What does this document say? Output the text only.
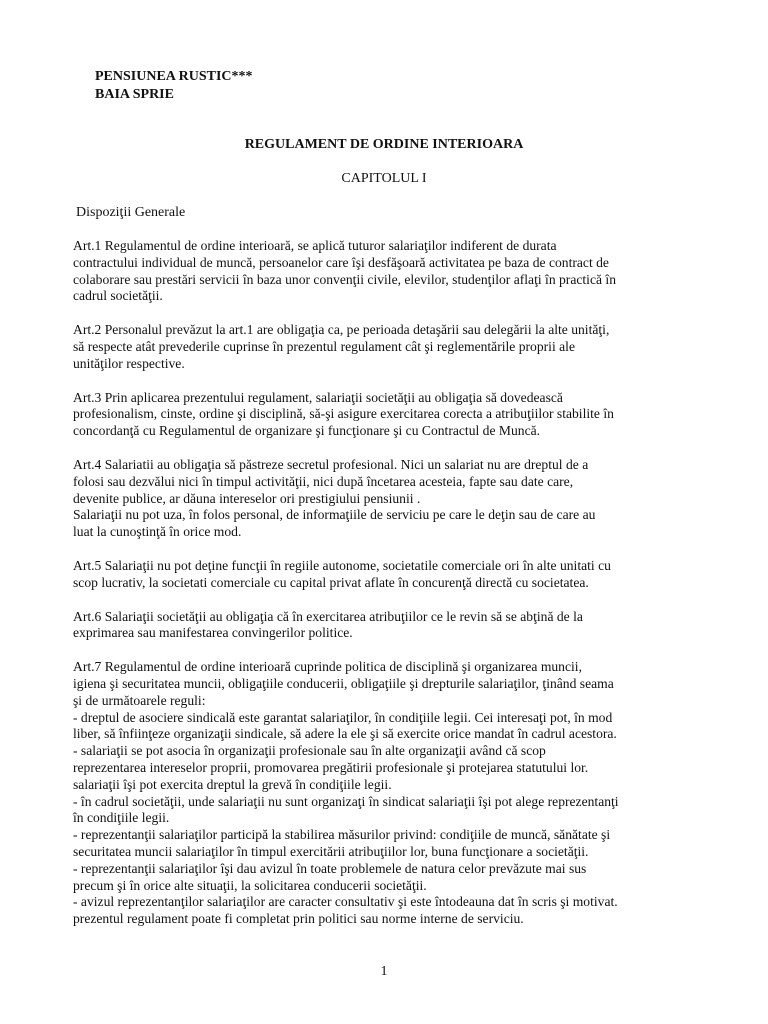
PENSIUNEA RUSTIC***
BAIA SPRIE
REGULAMENT DE ORDINE INTERIOARA
CAPITOLUL I
Dispoziţii Generale

Art.1 Regulamentul de ordine interioară, se aplică tuturor salariaţilor indiferent de durata
contractului individual de muncă, persoanelor care îşi desfăşoară activitatea pe baza de contract de
colaborare sau prestări servicii în baza unor convenţii civile, elevilor, studenţilor aflaţi în practică în
cadrul societăţii.

Art.2 Personalul prevăzut la art.1 are obligaţia ca, pe perioada detaşării sau delegării la alte unităţi,
să respecte atât prevederile cuprinse în prezentul regulament cât şi reglementările proprii ale
unităţilor respective.

Art.3 Prin aplicarea prezentului regulament, salariaţii societăţii au obligaţia să dovedească
profesionalism, cinste, ordine şi disciplină, să-şi asigure exercitarea corecta a atribuţiilor stabilite în
concordanţă cu Regulamentul de organizare şi funcţionare şi cu Contractul de Muncă.

Art.4 Salariatii au obligaţia să păstreze secretul profesional. Nici un salariat nu are dreptul de a
folosi sau dezvălui nici în timpul activităţii, nici după încetarea acesteia, fapte sau date care,
devenite publice, ar dăuna intereselor ori prestigiului pensiunii .
Salariaţii nu pot uza, în folos personal, de informaţiile de serviciu pe care le deţin sau de care au
luat la cunoştinţă în orice mod.

Art.5 Salariaţii nu pot deţine funcţii în regiile autonome, societatile comerciale ori în alte unitati cu
scop lucrativ, la societati comerciale cu capital privat aflate în concurenţă directă cu societatea.

Art.6 Salariaţii societăţii au obligaţia că în exercitarea atribuţiilor ce le revin să se abţină de la
exprimarea sau manifestarea convingerilor politice.

Art.7 Regulamentul de ordine interioară cuprinde politica de disciplină şi organizarea muncii,
igiena şi securitatea muncii, obligaţiile conducerii, obligaţiile şi drepturile salariaţilor, ţinând seama
şi de următoarele reguli:
- dreptul de asociere sindicală este garantat salariaţilor, în condiţiile legii. Cei interesaţi pot, în mod
liber, să înfiinţeze organizaţii sindicale, să adere la ele şi să exercite orice mandat în cadrul acestora.
- salariaţii se pot asocia în organizaţii profesionale sau în alte organizaţii având că scop
reprezentarea intereselor proprii, promovarea pregătirii profesionale şi protejarea statutului lor.
salariaţii îşi pot exercita dreptul la grevă în condiţiile legii.
- în cadrul societăţii, unde salariaţii nu sunt organizaţi în sindicat salariaţii îşi pot alege reprezentanţi
în condiţiile legii.
- reprezentanţii salariaţilor participă la stabilirea măsurilor privind: condiţiile de muncă, sănătate şi
securitatea muncii salariaţilor în timpul exercitării atribuţiilor lor, buna funcţionare a societăţii.
- reprezentanţii salariaţilor îşi dau avizul în toate problemele de natura celor prevăzute mai sus
precum şi în orice alte situaţii, la solicitarea conducerii societăţii.
- avizul reprezentanţilor salariaţilor are caracter consultativ şi este întodeauna dat în scris şi motivat.
prezentul regulament poate fi completat prin politici sau norme interne de serviciu.

1
